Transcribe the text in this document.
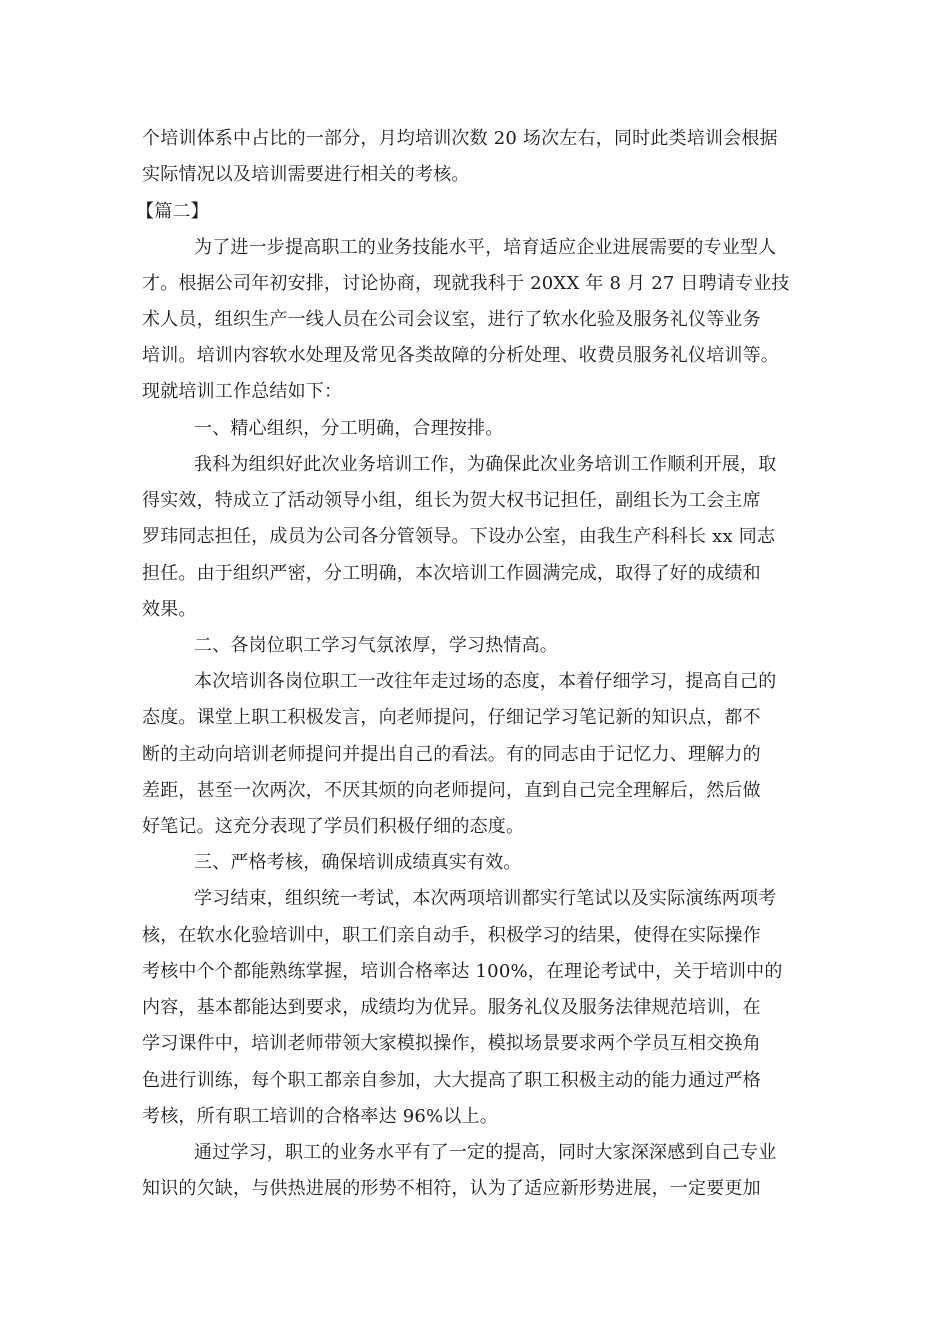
个培训体系中占比的一部分，月均培训次数 20 场次左右，同时此类培训会根据
实际情况以及培训需要进行相关的考核。
【篇二】
为了进一步提高职工的业务技能水平，培育适应企业进展需要的专业型人
才。根据公司年初安排，讨论协商，现就我科于 20XX 年 8 月 27 日聘请专业技
术人员，组织生产一线人员在公司会议室，进行了软水化验及服务礼仪等业务
培训。培训内容软水处理及常见各类故障的分析处理、收费员服务礼仪培训等。
现就培训工作总结如下：
一、精心组织，分工明确，合理按排。
我科为组织好此次业务培训工作，为确保此次业务培训工作顺利开展，取
得实效，特成立了活动领导小组，组长为贺大权书记担任，副组长为工会主席
罗玮同志担任，成员为公司各分管领导。下设办公室，由我生产科科长 xx 同志
担任。由于组织严密，分工明确，本次培训工作圆满完成，取得了好的成绩和
效果。
二、各岗位职工学习气氛浓厚，学习热情高。
本次培训各岗位职工一改往年走过场的态度，本着仔细学习，提高自己的
态度。课堂上职工积极发言，向老师提问，仔细记学习笔记新的知识点，都不
断的主动向培训老师提问并提出自己的看法。有的同志由于记忆力、理解力的
差距，甚至一次两次，不厌其烦的向老师提问，直到自己完全理解后，然后做
好笔记。这充分表现了学员们积极仔细的态度。
三、严格考核，确保培训成绩真实有效。
学习结束，组织统一考试，本次两项培训都实行笔试以及实际演练两项考
核，在软水化验培训中，职工们亲自动手，积极学习的结果，使得在实际操作
考核中个个都能熟练掌握，培训合格率达 100%，在理论考试中，关于培训中的
内容，基本都能达到要求，成绩均为优异。服务礼仪及服务法律规范培训，在
学习课件中，培训老师带领大家模拟操作，模拟场景要求两个学员互相交换角
色进行训练，每个职工都亲自参加，大大提高了职工积极主动的能力通过严格
考核，所有职工培训的合格率达 96%以上。
通过学习，职工的业务水平有了一定的提高，同时大家深深感到自己专业
知识的欠缺，与供热进展的形势不相符，认为了适应新形势进展，一定要更加
